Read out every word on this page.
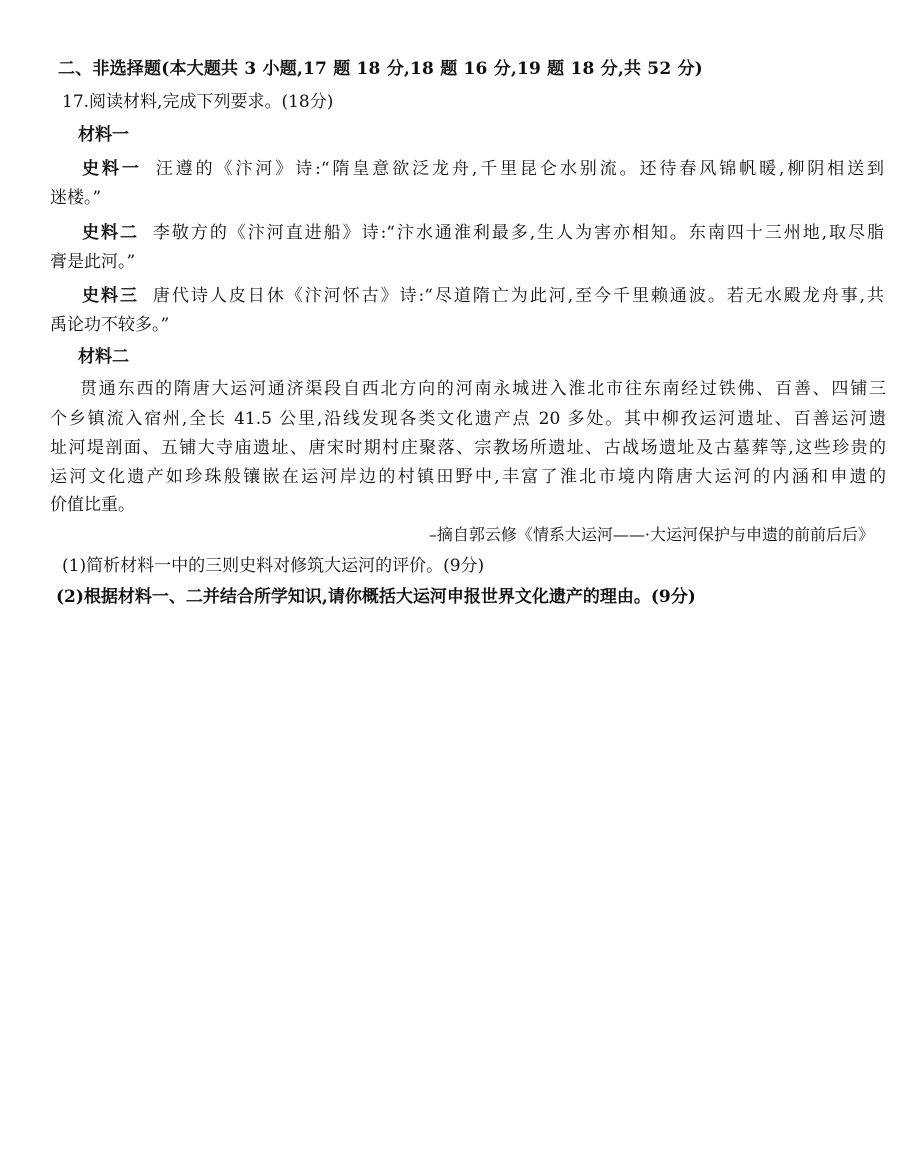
二、非选择题(本大题共 3 小题,17 题 18 分,18 题 16 分,19 题 18 分,共 52 分)
17.阅读材料,完成下列要求。(18分)
材料一
史料一 汪遵的《汴河》诗:“隋皇意欲泛龙舟,千里昆仑水别流。还待春风锦帆暖,柳阴相送到
迷楼。”
史料二 李敬方的《汴河直进船》诗:“汴水通淮利最多,生人为害亦相知。东南四十三州地,取尽脂
膏是此河。”
史料三 唐代诗人皮日休《汴河怀古》诗:“尽道隋亡为此河,至今千里赖通波。若无水殿龙舟事,共
禹论功不较多。”
材料二
贯通东西的隋唐大运河通济渠段自西北方向的河南永城进入淮北市往东南经过铁佛、百善、四铺三
个乡镇流入宿州,全长 41.5 公里,沿线发现各类文化遗产点 20 多处。其中柳孜运河遗址、百善运河遗
址河堤剖面、五铺大寺庙遗址、唐宋时期村庄聚落、宗教场所遗址、古战场遗址及古墓葬等,这些珍贵的
运河文化遗产如珍珠般镶嵌在运河岸边的村镇田野中,丰富了淮北市境内隋唐大运河的内涵和申遗的
价值比重。
–摘自郭云修《情系大运河——·大运河保护与申遗的前前后后》
(1)简析材料一中的三则史料对修筑大运河的评价。(9分)
(2)根据材料一、二并结合所学知识,请你概括大运河申报世界文化遗产的理由。(9分)
